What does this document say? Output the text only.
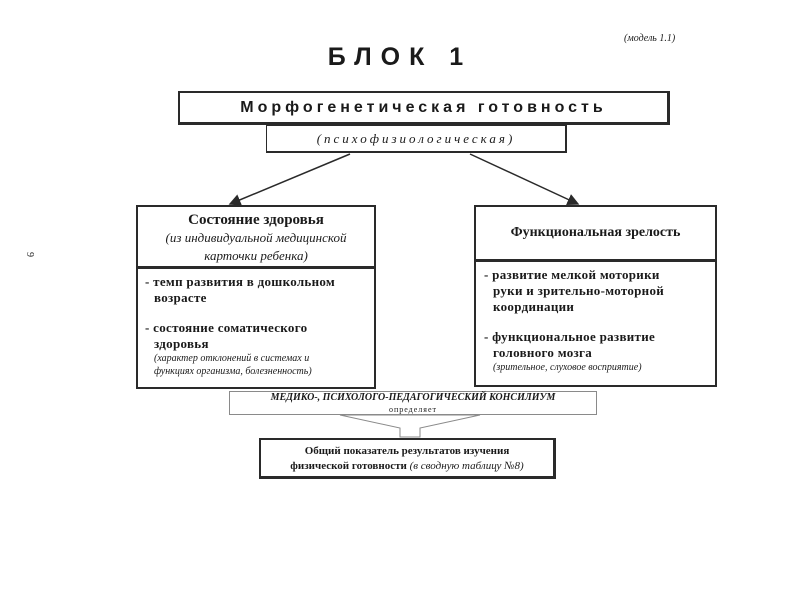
(модель 1.1)
БЛОК 1
9
Морфогенетическая готовность
(психофизиологическая)
Состояние здоровья
(из индивидуальной медицинской
карточки ребенка)
- темп развития в дошкольном
возрасте
- состояние соматического
здоровья
(характер отклонений в системах и
функциях организма, болезненность)
Функциональная зрелость
- развитие мелкой моторики
руки и зрительно-моторной
координации
- функциональное развитие
головного мозга
(зрительное, слуховое восприятие)
МЕДИКО-, ПСИХОЛОГО-ПЕДАГОГИЧЕСКИЙ КОНСИЛИУМ
определяет
Общий показатель результатов изучения
физической готовности (в сводную таблицу №8)
